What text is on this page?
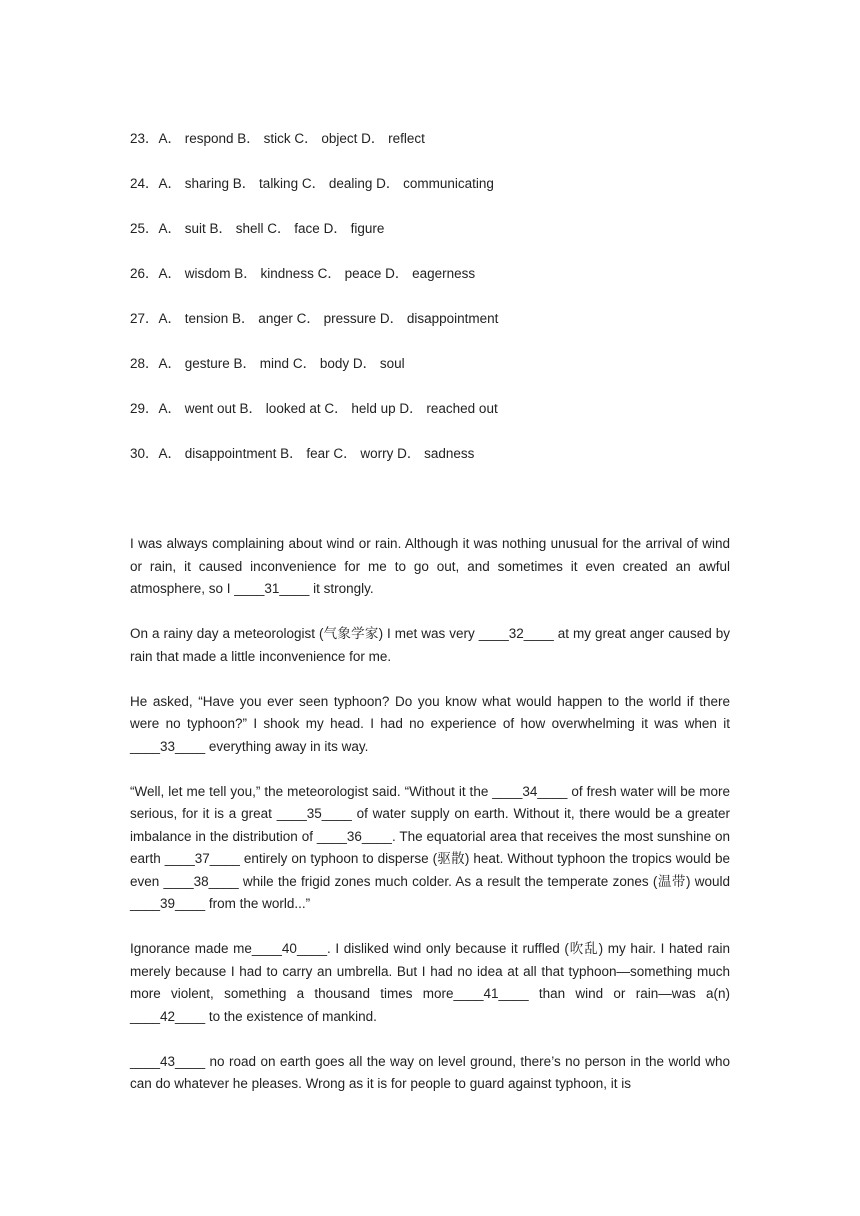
23．A． respond B． stick C． object D． reflect
24．A． sharing B． talking C． dealing D． communicating
25．A． suit B． shell C． face D． figure
26．A． wisdom B． kindness C． peace D． eagerness
27．A． tension B． anger C． pressure D． disappointment
28．A． gesture B． mind C． body D． soul
29．A． went out B． looked at C． held up D． reached out
30．A． disappointment B． fear C． worry D． sadness

I was always complaining about wind or rain. Although it was nothing unusual for the arrival of wind or rain, it caused inconvenience for me to go out, and sometimes it even created an awful atmosphere, so I ____31____ it strongly.

On a rainy day a meteorologist (气象学家) I met was very ____32____ at my great anger caused by rain that made a little inconvenience for me.

He asked, “Have you ever seen typhoon? Do you know what would happen to the world if there were no typhoon?” I shook my head. I had no experience of how overwhelming it was when it ____33____ everything away in its way.

“Well, let me tell you,” the meteorologist said. “Without it the ____34____ of fresh water will be more serious, for it is a great ____35____ of water supply on earth. Without it, there would be a greater imbalance in the distribution of ____36____. The equatorial area that receives the most sunshine on earth ____37____ entirely on typhoon to disperse (驱散) heat. Without typhoon the tropics would be even ____38____ while the frigid zones much colder. As a result the temperate zones (温带) would ____39____ from the world...”

Ignorance made me____40____. I disliked wind only because it ruffled (吹乱) my hair. I hated rain merely because I had to carry an umbrella. But I had no idea at all that typhoon—something much more violent, something a thousand times more____41____ than wind or rain—was a(n) ____42____ to the existence of mankind.

____43____ no road on earth goes all the way on level ground, there’s no person in the world who can do whatever he pleases. Wrong as it is for people to guard against typhoon, it is
